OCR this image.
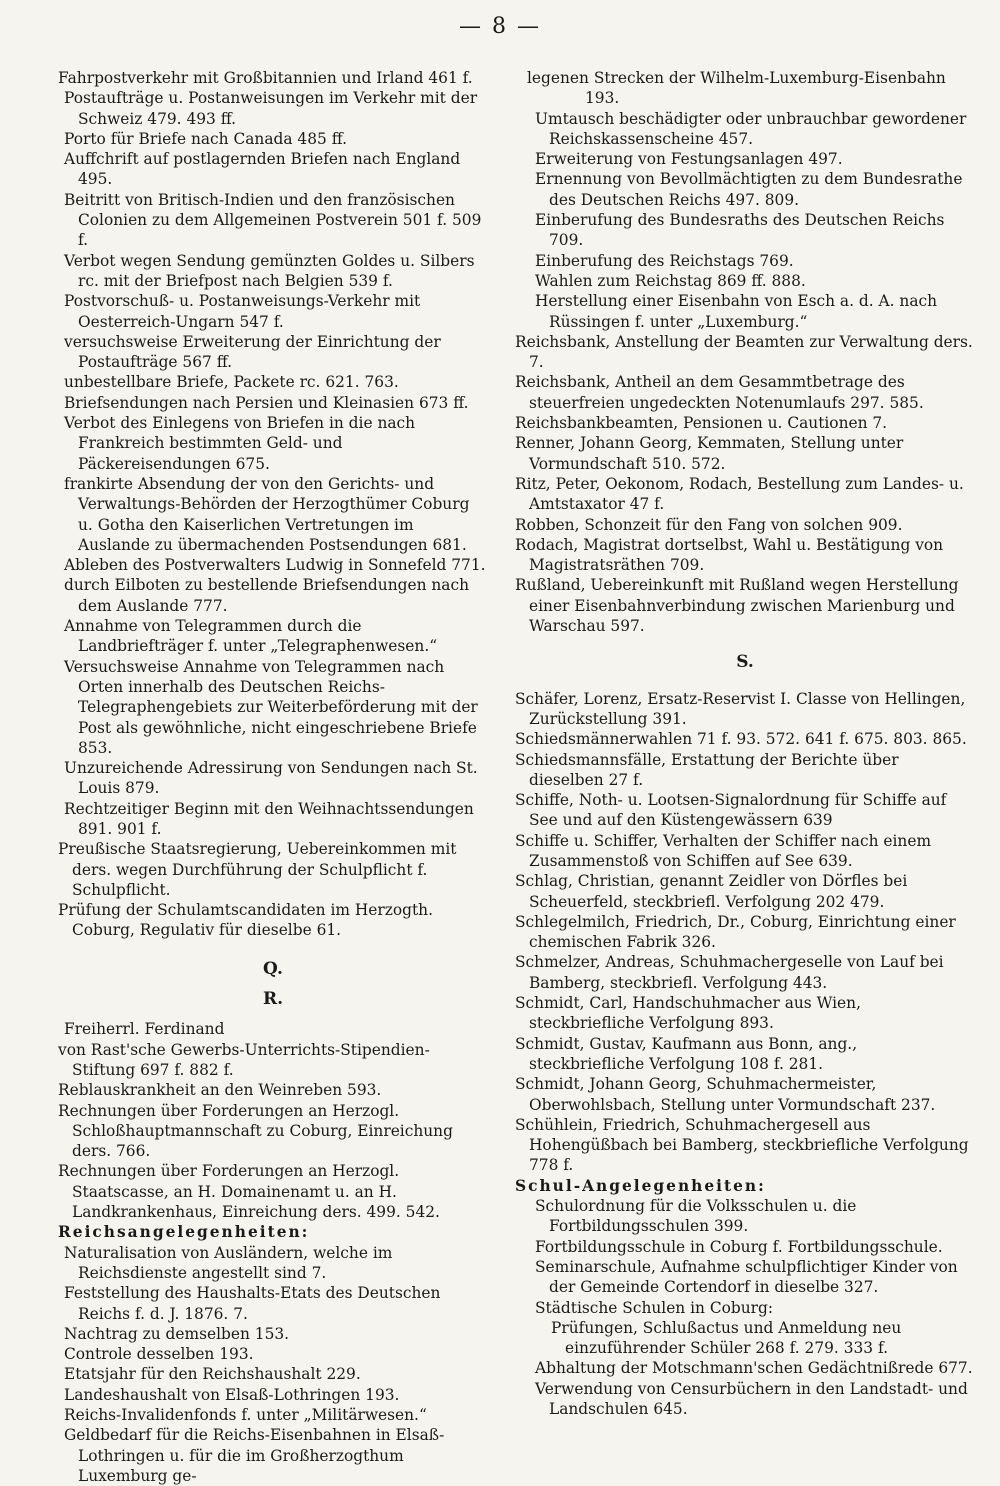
— 8 —

Fahrpostverkehr mit Großbitannien und Irland 461 f.

Postaufträge u. Postanweisungen im Verkehr mit der Schweiz 479. 493 ff.

Porto für Briefe nach Canada 485 ff.

Auffchrift auf postlagernden Briefen nach England 495.

Beitritt von Britisch-Indien und den französischen Colonien zu dem Allgemeinen Postverein 501 f. 509 f.

Verbot wegen Sendung gemünzten Goldes u. Silbers rc. mit der Briefpost nach Belgien 539 f.

Postvorschuß- u. Postanweisungs-Verkehr mit Oesterreich-Ungarn 547 f.

versuchsweise Erweiterung der Einrichtung der Postaufträge 567 ff.

unbestellbare Briefe, Packete rc. 621. 763.

Briefsendungen nach Persien und Kleinasien 673 ff.

Verbot des Einlegens von Briefen in die nach Frankreich bestimmten Geld- und Päckereisendungen 675.

frankirte Absendung der von den Gerichts- und Verwaltungs-Behörden der Herzogthümer Coburg u. Gotha den Kaiserlichen Vertretungen im Auslande zu übermachenden Postsendungen 681.

Ableben des Postverwalters Ludwig in Sonnefeld 771.

durch Eilboten zu bestellende Briefsendungen nach dem Auslande 777.

Annahme von Telegrammen durch die Landbriefträger f. unter „Telegraphenwesen.“

Versuchsweise Annahme von Telegrammen nach Orten innerhalb des Deutschen Reichs-Telegraphengebiets zur Weiterbeförderung mit der Post als gewöhnliche, nicht eingeschriebene Briefe 853.

Unzureichende Adressirung von Sendungen nach St. Louis 879.

Rechtzeitiger Beginn mit den Weihnachtssendungen 891. 901 f.

Preußische Staatsregierung, Uebereinkommen mit ders. wegen Durchführung der Schulpflicht f. Schulpflicht.

Prüfung der Schulamtscandidaten im Herzogth. Coburg, Regulativ für dieselbe 61.

Q.
R.

Freiherrl. Ferdinand

von Rast'sche Gewerbs-Unterrichts-Stipendien-Stiftung 697 f. 882 f.

Reblauskrankheit an den Weinreben 593.

Rechnungen über Forderungen an Herzogl. Schloßhauptmannschaft zu Coburg, Einreichung ders. 766.

Rechnungen über Forderungen an Herzogl. Staatscasse, an H. Domainenamt u. an H. Landkrankenhaus, Einreichung ders. 499. 542.

Reichsangelegenheiten:

Naturalisation von Ausländern, welche im Reichsdienste angestellt sind 7.

Feststellung des Haushalts-Etats des Deutschen Reichs f. d. J. 1876. 7.

Nachtrag zu demselben 153.

Controle desselben 193.

Etatsjahr für den Reichshaushalt 229.

Landeshaushalt von Elsaß-Lothringen 193.

Reichs-Invalidenfonds f. unter „Militärwesen.“

Geldbedarf für die Reichs-Eisenbahnen in Elsaß-Lothringen u. für die im Großherzogthum Luxemburg ge-

legenen Strecken der Wilhelm-Luxemburg-Eisenbahn 193.

Umtausch beschädigter oder unbrauchbar gewordener Reichskassenscheine 457.

Erweiterung von Festungsanlagen 497.

Ernennung von Bevollmächtigten zu dem Bundesrathe des Deutschen Reichs 497. 809.

Einberufung des Bundesraths des Deutschen Reichs 709.

Einberufung des Reichstags 769.

Wahlen zum Reichstag 869 ff. 888.

Herstellung einer Eisenbahn von Esch a. d. A. nach Rüssingen f. unter „Luxemburg.“

Reichsbank, Anstellung der Beamten zur Verwaltung ders. 7.

Reichsbank, Antheil an dem Gesammtbetrage des steuerfreien ungedeckten Notenumlaufs 297. 585.

Reichsbankbeamten, Pensionen u. Cautionen 7.

Renner, Johann Georg, Kemmaten, Stellung unter Vormundschaft 510. 572.

Ritz, Peter, Oekonom, Rodach, Bestellung zum Landes- u. Amtstaxator 47 f.

Robben, Schonzeit für den Fang von solchen 909.

Rodach, Magistrat dortselbst, Wahl u. Bestätigung von Magistratsräthen 709.

Rußland, Uebereinkunft mit Rußland wegen Herstellung einer Eisenbahnverbindung zwischen Marienburg und Warschau 597.

S.

Schäfer, Lorenz, Ersatz-Reservist I. Classe von Hellingen, Zurückstellung 391.

Schiedsmännerwahlen 71 f. 93. 572. 641 f. 675. 803. 865.

Schiedsmannsfälle, Erstattung der Berichte über dieselben 27 f.

Schiffe, Noth- u. Lootsen-Signalordnung für Schiffe auf See und auf den Küstengewässern 639

Schiffe u. Schiffer, Verhalten der Schiffer nach einem Zusammenstoß von Schiffen auf See 639.

Schlag, Christian, genannt Zeidler von Dörfles bei Scheuerfeld, steckbriefl. Verfolgung 202 479.

Schlegelmilch, Friedrich, Dr., Coburg, Einrichtung einer chemischen Fabrik 326.

Schmelzer, Andreas, Schuhmachergeselle von Lauf bei Bamberg, steckbriefl. Verfolgung 443.

Schmidt, Carl, Handschuhmacher aus Wien, steckbriefliche Verfolgung 893.

Schmidt, Gustav, Kaufmann aus Bonn, ang., steckbriefliche Verfolgung 108 f. 281.

Schmidt, Johann Georg, Schuhmachermeister, Oberwohlsbach, Stellung unter Vormundschaft 237.

Schühlein, Friedrich, Schuhmachergesell aus Hohengüßbach bei Bamberg, steckbriefliche Verfolgung 778 f.

Schul-Angelegenheiten:

Schulordnung für die Volksschulen u. die Fortbildungsschulen 399.

Fortbildungsschule in Coburg f. Fortbildungsschule.

Seminarschule, Aufnahme schulpflichtiger Kinder von der Gemeinde Cortendorf in dieselbe 327.

Städtische Schulen in Coburg:

Prüfungen, Schlußactus und Anmeldung neu einzuführender Schüler 268 f. 279. 333 f.

Abhaltung der Motschmann'schen Gedächtnißrede 677.

Verwendung von Censurbüchern in den Landstadt- und Landschulen 645.
